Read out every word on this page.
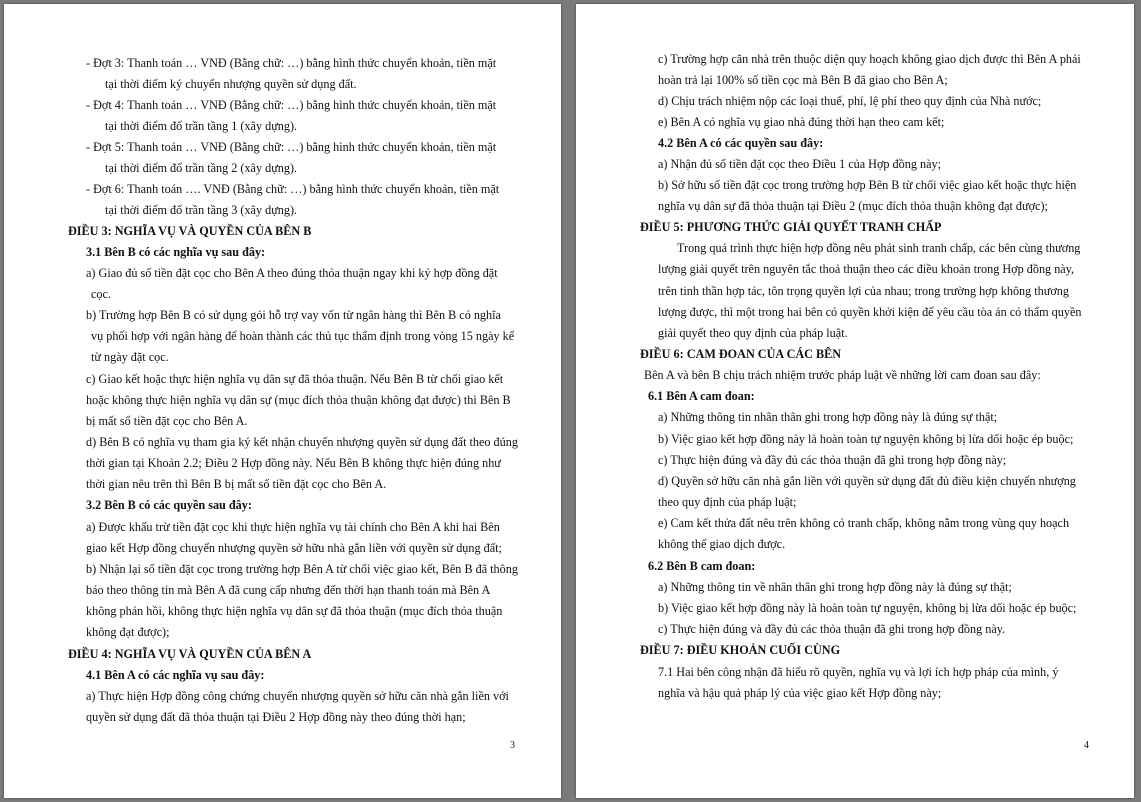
3
- Đợt 3: Thanh toán … VNĐ (Bằng chữ: …) bằng hình thức chuyển khoản, tiền mặt
tại thời điểm ký chuyển nhượng quyền sử dụng đất.
- Đợt 4: Thanh toán … VNĐ (Bằng chữ: …) bằng hình thức chuyển khoản, tiền mặt
tại thời điểm đổ trần tầng 1 (xây dựng).
- Đợt 5: Thanh toán … VNĐ (Bằng chữ: …) bằng hình thức chuyển khoản, tiền mặt
tại thời điểm đổ trần tầng 2 (xây dựng).
- Đợt 6: Thanh toán …. VNĐ (Bằng chữ: …) bằng hình thức chuyển khoản, tiền mặt
tại thời điểm đổ trần tầng 3 (xây dựng).
ĐIỀU 3: NGHĨA VỤ VÀ QUYỀN CỦA BÊN B
3.1 Bên B có các nghĩa vụ sau đây:
a) Giao đủ số tiền đặt cọc cho Bên A theo đúng thỏa thuận ngay khi ký hợp đồng đặt
cọc.
b) Trường hợp Bên B có sử dụng gói hỗ trợ vay vốn từ ngân hàng thì Bên B có nghĩa
vụ phối hợp với ngân hàng để hoàn thành các thủ tục thẩm định trong vòng 15 ngày kể
từ ngày đặt cọc.
c) Giao kết hoặc thực hiện nghĩa vụ dân sự đã thỏa thuận. Nếu Bên B từ chối giao kết
hoặc không thực hiện nghĩa vụ dân sự (mục đích thỏa thuận không đạt được) thì Bên B
bị mất số tiền đặt cọc cho Bên A.
d) Bên B có nghĩa vụ tham gia ký kết nhận chuyển nhượng quyền sử dụng đất theo đúng
thời gian tại Khoản 2.2; Điều 2 Hợp đồng này. Nếu Bên B không thực hiện đúng như
thời gian nêu trên thì Bên B bị mất số tiền đặt cọc cho Bên A.
3.2 Bên B có các quyền sau đây:
a) Được khấu trừ tiền đặt cọc khi thực hiện nghĩa vụ tài chính cho Bên A khi hai Bên
giao kết Hợp đồng chuyển nhượng quyền sở hữu nhà gắn liền với quyền sử dụng đất;
b) Nhận lại số tiền đặt cọc trong trường hợp Bên A từ chối việc giao kết, Bên B đã thông
báo theo thông tin mà Bên A đã cung cấp nhưng đến thời hạn thanh toán mà Bên A
không phản hồi, không thực hiện nghĩa vụ dân sự đã thỏa thuận (mục đích thỏa thuận
không đạt được);
ĐIỀU 4: NGHĨA VỤ VÀ QUYỀN CỦA BÊN A
4.1 Bên A có các nghĩa vụ sau đây:
a) Thực hiện Hợp đồng công chứng chuyển nhượng quyền sở hữu căn nhà gắn liền với
quyền sử dụng đất đã thỏa thuận tại Điều 2 Hợp đồng này theo đúng thời hạn;
4
c) Trường hợp căn nhà trên thuộc diện quy hoạch không giao dịch được thì Bên A phải
hoàn trả lại 100% số tiền cọc mà Bên B đã giao cho Bên A;
d) Chịu trách nhiệm nộp các loại thuế, phí, lệ phí theo quy định của Nhà nước;
e) Bên A có nghĩa vụ giao nhà đúng thời hạn theo cam kết;
4.2 Bên A có các quyền sau đây:
a) Nhận đủ số tiền đặt cọc theo Điều 1 của Hợp đồng này;
b) Sở hữu số tiền đặt cọc trong trường hợp Bên B từ chối việc giao kết hoặc thực hiện
nghĩa vụ dân sự đã thỏa thuận tại Điều 2 (mục đích thỏa thuận không đạt được);
ĐIỀU 5: PHƯƠNG THỨC GIẢI QUYẾT TRANH CHẤP
Trong quá trình thực hiện hợp đồng nêu phát sinh tranh chấp, các bên cùng thương
lượng giải quyết trên nguyên tắc thoả thuận theo các điều khoản trong Hợp đồng này,
trên tinh thần hợp tác, tôn trọng quyền lợi của nhau; trong trường hợp không thương
lượng được, thì một trong hai bên có quyền khởi kiện để yêu cầu tòa án có thẩm quyền
giải quyết theo quy định của pháp luật.
ĐIỀU 6: CAM ĐOAN CỦA CÁC BÊN
Bên A và bên B chịu trách nhiệm trước pháp luật về những lời cam đoan sau đây:
6.1 Bên A cam đoan:
a) Những thông tin nhân thân ghi trong hợp đồng này là đúng sự thật;
b) Việc giao kết hợp đồng này là hoàn toàn tự nguyện không bị lừa dối hoặc ép buộc;
c) Thực hiện đúng và đầy đủ các thỏa thuận đã ghi trong hợp đồng này;
d) Quyền sở hữu căn nhà gắn liền với quyền sử dụng đất đủ điều kiện chuyển nhượng
theo quy định của pháp luật;
e) Cam kết thửa đất nêu trên không có tranh chấp, không nằm trong vùng quy hoạch
không thể giao dịch được.
6.2 Bên B cam đoan:
a) Những thông tin về nhân thân ghi trong hợp đồng này là đúng sự thật;
b) Việc giao kết hợp đồng này là hoàn toàn tự nguyện, không bị lừa dối hoặc ép buộc;
c) Thực hiện đúng và đầy đủ các thỏa thuận đã ghi trong hợp đồng này.
ĐIỀU 7: ĐIỀU KHOẢN CUỐI CÙNG
7.1 Hai bên công nhận đã hiểu rõ quyền, nghĩa vụ và lợi ích hợp pháp của mình, ý
nghĩa và hậu quả pháp lý của việc giao kết Hợp đồng này;
